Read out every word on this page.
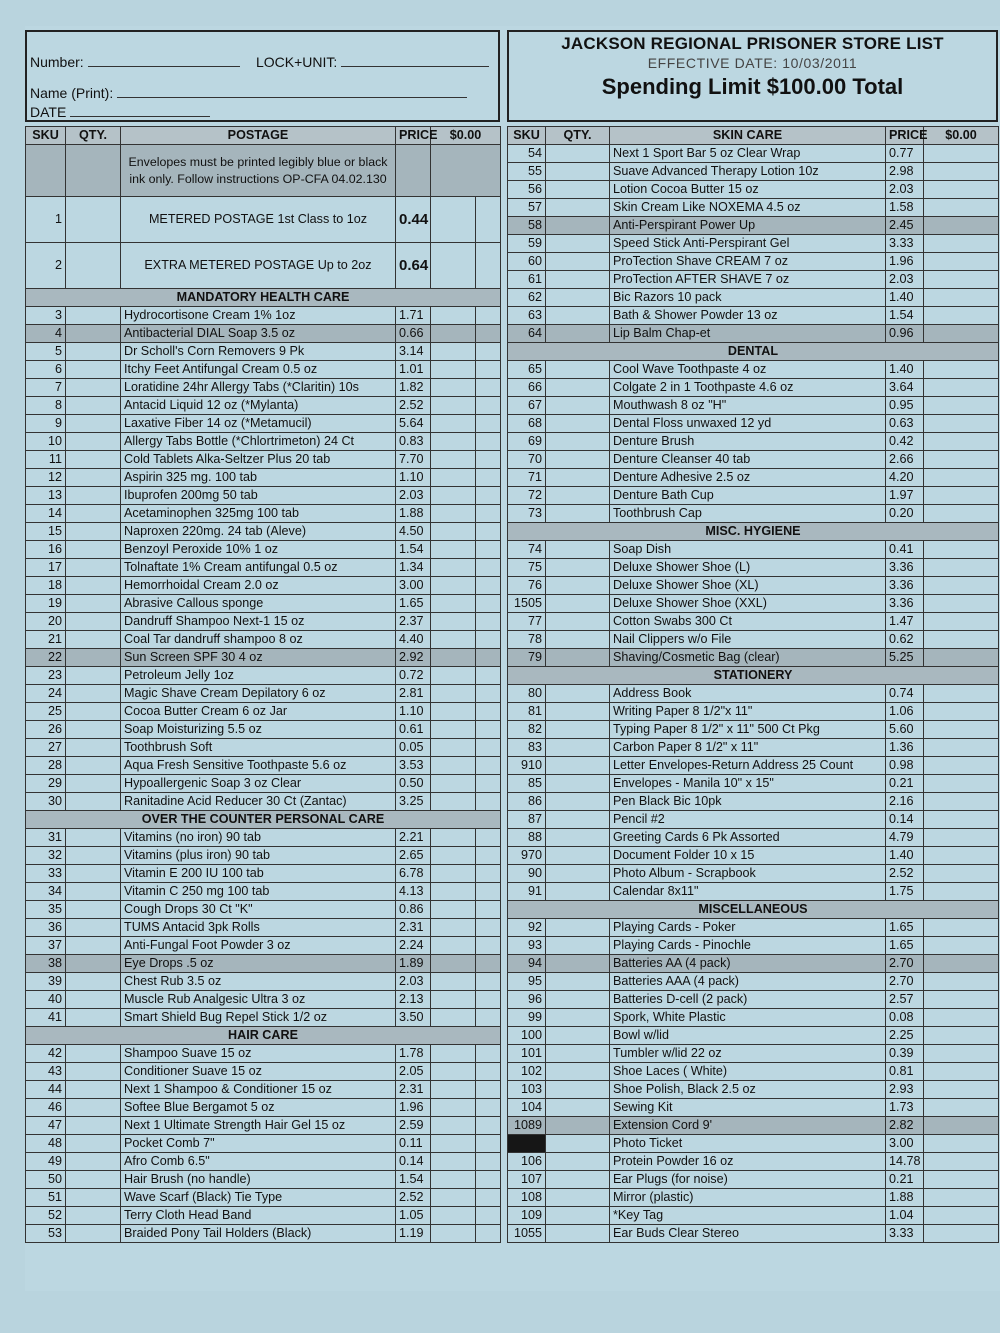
Number:	LOCK+UNIT:
Name (Print):
DATE
JACKSON REGIONAL PRISONER STORE LIST
EFFECTIVE DATE: 10/03/2011
Spending Limit $100.00 Total
SKU	QTY.	POSTAGE	PRICE	$0.00	
		Envelopes must be printed legibly blue or black ink only. Follow instructions OP-CFA 04.02.130			
1		METERED POSTAGE 1st Class to 1oz	0.44		
2		EXTRA METERED POSTAGE Up to 2oz	0.64		
MANDATORY HEALTH CARE					
3		Hydrocortisone Cream 1% 1oz	1.71		
4		Antibacterial DIAL Soap 3.5 oz	0.66		
5		Dr Scholl's Corn Removers 9 Pk	3.14		
6		Itchy Feet Antifungal Cream 0.5 oz	1.01		
7		Loratidine 24hr Allergy Tabs (*Claritin) 10s	1.82		
8		Antacid Liquid 12 oz (*Mylanta)	2.52		
9		Laxative Fiber 14 oz (*Metamucil)	5.64		
10		Allergy Tabs Bottle (*Chlortrimeton) 24 Ct	0.83		
11		Cold Tablets Alka-Seltzer Plus 20 tab	7.70		
12		Aspirin 325 mg. 100 tab	1.10		
13		Ibuprofen 200mg 50 tab	2.03		
14		Acetaminophen 325mg 100 tab	1.88		
15		Naproxen 220mg. 24 tab (Aleve)	4.50		
16		Benzoyl Peroxide 10% 1 oz	1.54		
17		Tolnaftate 1% Cream antifungal 0.5 oz	1.34		
18		Hemorrhoidal Cream 2.0 oz	3.00		
19		Abrasive Callous sponge	1.65		
20		Dandruff Shampoo Next-1 15 oz	2.37		
21		Coal Tar dandruff shampoo 8 oz	4.40		
22		Sun Screen SPF 30 4 oz	2.92		
23		Petroleum Jelly 1oz	0.72		
24		Magic Shave Cream Depilatory 6 oz	2.81		
25		Cocoa Butter Cream 6 oz Jar	1.10		
26		Soap Moisturizing 5.5 oz	0.61		
27		Toothbrush Soft	0.05		
28		Aqua Fresh Sensitive Toothpaste 5.6 oz	3.53		
29		Hypoallergenic Soap 3 oz Clear	0.50		
30		Ranitadine Acid Reducer 30 Ct (Zantac)	3.25		
OVER THE COUNTER PERSONAL CARE					
31		Vitamins (no iron) 90 tab	2.21		
32		Vitamins (plus iron) 90 tab	2.65		
33		Vitamin E 200 IU 100 tab	6.78		
34		Vitamin C 250 mg 100 tab	4.13		
35		Cough Drops 30 Ct "K"	0.86		
36		TUMS Antacid 3pk Rolls	2.31		
37		Anti-Fungal Foot Powder 3 oz	2.24		
38		Eye Drops .5 oz	1.89		
39		Chest Rub 3.5 oz	2.03		
40		Muscle Rub Analgesic Ultra 3 oz	2.13		
41		Smart Shield Bug Repel Stick 1/2 oz	3.50		
HAIR CARE					
42		Shampoo Suave 15 oz	1.78		
43		Conditioner Suave 15 oz	2.05		
44		Next 1 Shampoo & Conditioner 15 oz	2.31		
46		Softee Blue Bergamot 5 oz	1.96		
47		Next 1 Ultimate Strength Hair Gel 15 oz	2.59		
48		Pocket Comb 7"	0.11		
49		Afro Comb 6.5"	0.14		
50		Hair Brush (no handle)	1.54		
51		Wave Scarf (Black) Tie Type	2.52		
52		Terry Cloth Head Band	1.05		
53		Braided Pony Tail Holders (Black)	1.19		
SKU	QTY.	SKIN CARE	PRICE	$0.00
54		Next 1 Sport Bar 5 oz Clear Wrap	0.77	
55		Suave Advanced Therapy Lotion 10z	2.98	
56		Lotion Cocoa Butter 15 oz	2.03	
57		Skin Cream Like NOXEMA 4.5 oz	1.58	
58		Anti-Perspirant Power Up	2.45	
59		Speed Stick Anti-Perspirant Gel	3.33	
60		ProTection Shave CREAM 7 oz	1.96	
61		ProTection AFTER SHAVE 7 oz	2.03	
62		Bic Razors 10 pack	1.40	
63		Bath & Shower Powder 13 oz	1.54	
64		Lip Balm Chap-et	0.96	
DENTAL				
65		Cool Wave Toothpaste 4 oz	1.40	
66		Colgate 2 in 1 Toothpaste 4.6 oz	3.64	
67		Mouthwash 8 oz "H"	0.95	
68		Dental Floss unwaxed 12 yd	0.63	
69		Denture Brush	0.42	
70		Denture Cleanser 40 tab	2.66	
71		Denture Adhesive 2.5 oz	4.20	
72		Denture Bath Cup	1.97	
73		Toothbrush Cap	0.20	
MISC. HYGIENE				
74		Soap Dish	0.41	
75		Deluxe Shower Shoe (L)	3.36	
76		Deluxe Shower Shoe (XL)	3.36	
1505		Deluxe Shower Shoe (XXL)	3.36	
77		Cotton Swabs 300 Ct	1.47	
78		Nail Clippers w/o File	0.62	
79		Shaving/Cosmetic Bag (clear)	5.25	
STATIONERY				
80		Address Book	0.74	
81		Writing Paper 8 1/2"x 11"	1.06	
82		Typing Paper 8 1/2" x 11" 500 Ct Pkg	5.60	
83		Carbon Paper 8 1/2" x 11"	1.36	
910		Letter Envelopes-Return Address 25 Count	0.98	
85		Envelopes - Manila 10" x 15"	0.21	
86		Pen Black Bic 10pk	2.16	
87		Pencil #2	0.14	
88		Greeting Cards 6 Pk Assorted	4.79	
970		Document Folder 10 x 15	1.40	
90		Photo Album - Scrapbook	2.52	
91		Calendar 8x11"	1.75	
MISCELLANEOUS				
92		Playing Cards - Poker	1.65	
93		Playing Cards - Pinochle	1.65	
94		Batteries AA (4 pack)	2.70	
95		Batteries AAA (4 pack)	2.70	
96		Batteries D-cell (2 pack)	2.57	
99		Spork, White Plastic	0.08	
100		Bowl w/lid	2.25	
101		Tumbler w/lid 22 oz	0.39	
102		Shoe Laces ( White)	0.81	
103		Shoe Polish, Black 2.5 oz	2.93	
104		Sewing Kit	1.73	
1089		Extension Cord 9'	2.82	
		Photo Ticket	3.00	
106		Protein Powder 16 oz	14.78	
107		Ear Plugs (for noise)	0.21	
108		Mirror (plastic)	1.88	
109		*Key Tag	1.04	
1055		Ear Buds Clear Stereo	3.33	
